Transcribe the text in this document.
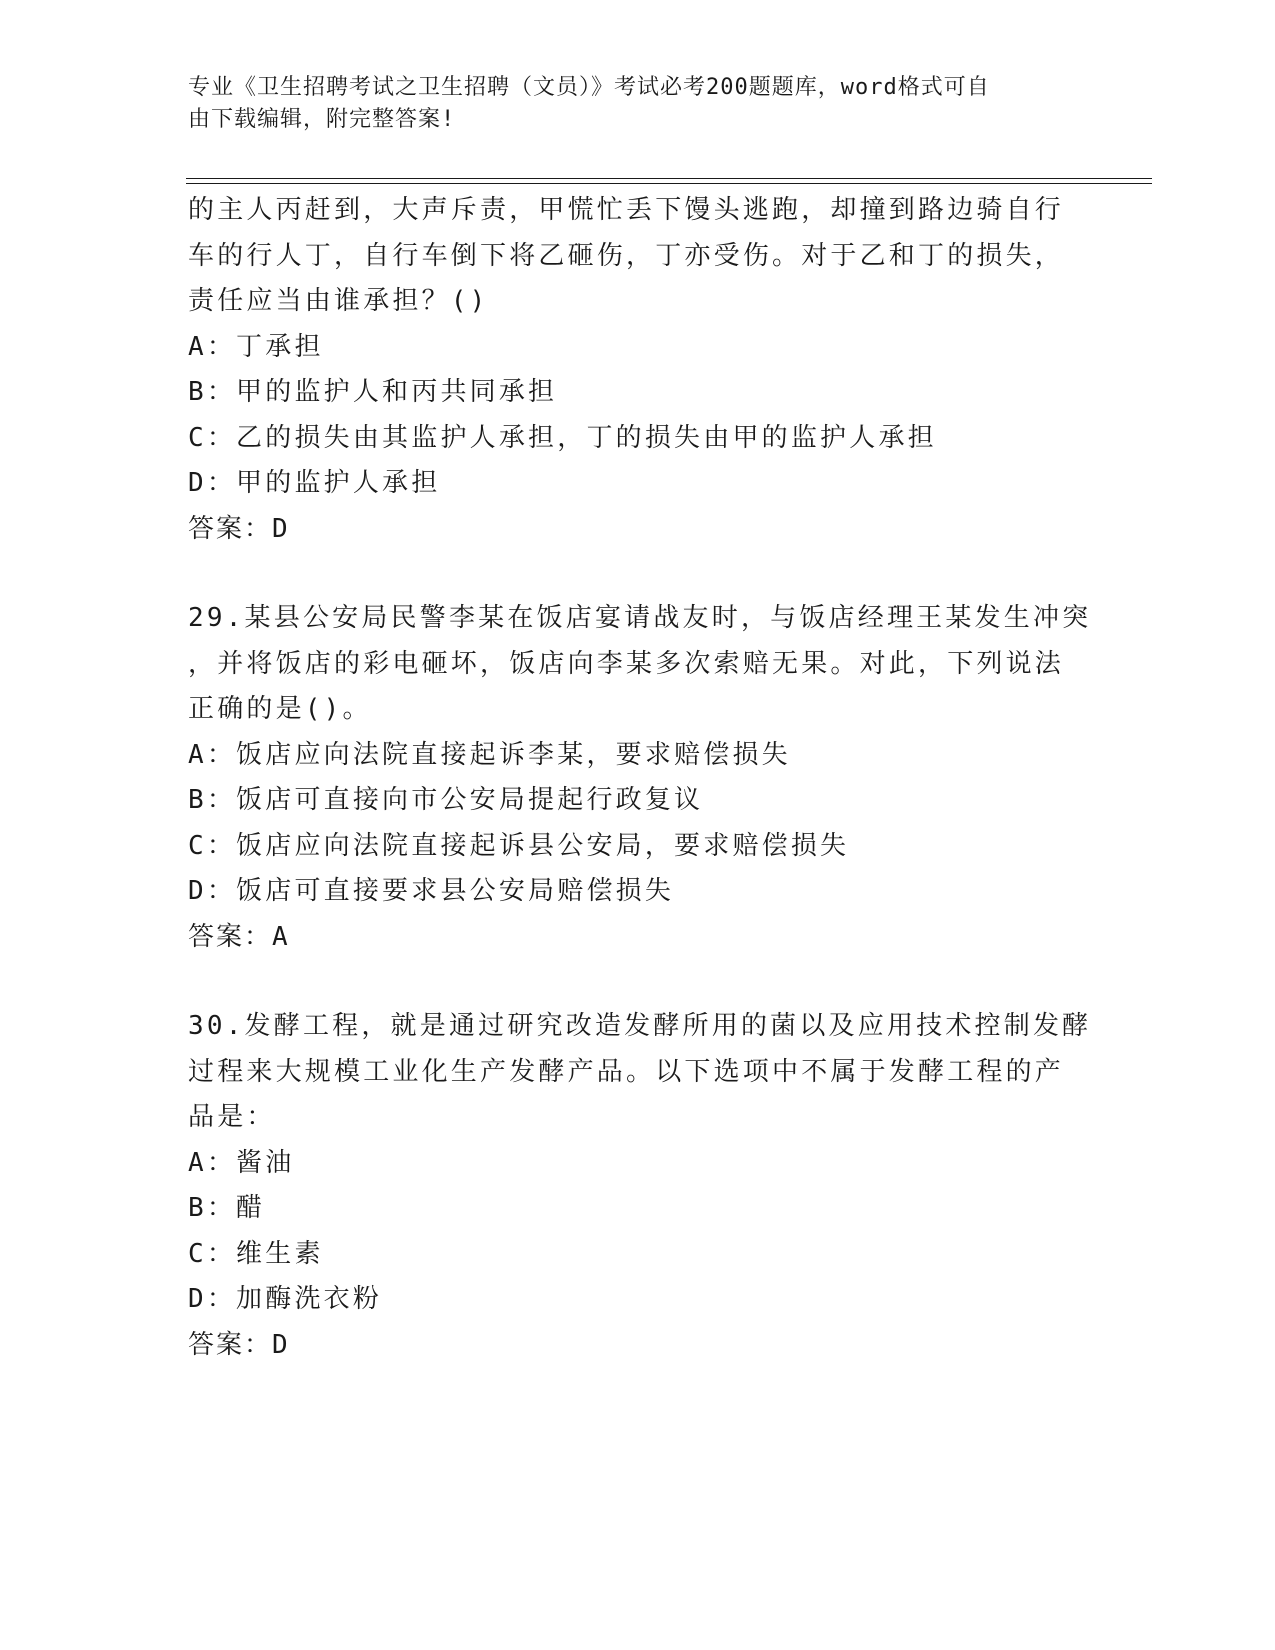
专业《卫生招聘考试之卫生招聘（文员）》考试必考200题题库，word格式可自
由下载编辑，附完整答案!
的主人丙赶到，大声斥责，甲慌忙丢下馒头逃跑，却撞到路边骑自行
车的行人丁，自行车倒下将乙砸伤，丁亦受伤。对于乙和丁的损失，
责任应当由谁承担？()
A：丁承担
B：甲的监护人和丙共同承担
C：乙的损失由其监护人承担，丁的损失由甲的监护人承担
D：甲的监护人承担
答案：D
29.某县公安局民警李某在饭店宴请战友时，与饭店经理王某发生冲突
，并将饭店的彩电砸坏，饭店向李某多次索赔无果。对此，下列说法
正确的是()。
A：饭店应向法院直接起诉李某，要求赔偿损失
B：饭店可直接向市公安局提起行政复议
C：饭店应向法院直接起诉县公安局，要求赔偿损失
D：饭店可直接要求县公安局赔偿损失
答案：A
30.发酵工程，就是通过研究改造发酵所用的菌以及应用技术控制发酵
过程来大规模工业化生产发酵产品。以下选项中不属于发酵工程的产
品是：
A：酱油
B：醋
C：维生素
D：加酶洗衣粉
答案：D
